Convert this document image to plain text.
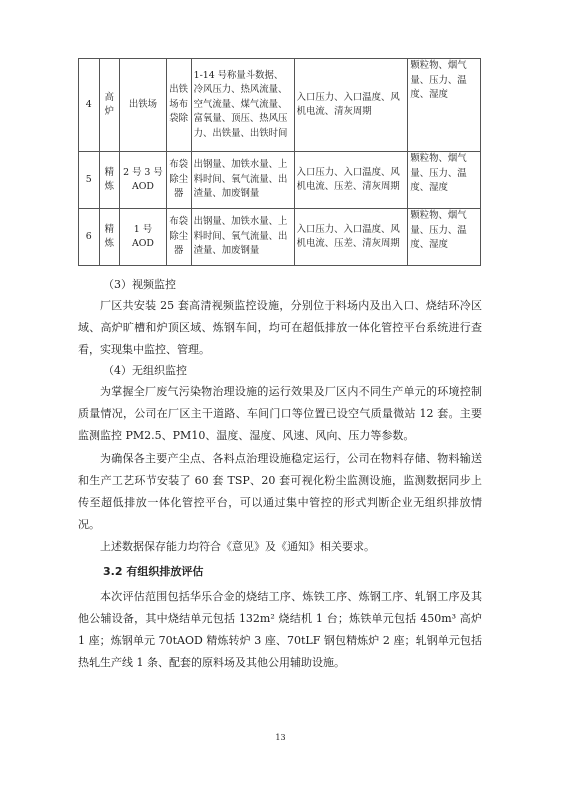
4	高炉	出铁场	出铁场布袋除	1-14 号称量斗数据、冷风压力、热风流量、空气流量、煤气流量、富氧量、顶压、热风压力、出铁量、出铁时间	入口压力、入口温度、风机电流、清灰周期	颗粒物、烟气量、压力、温度、湿度
5	精炼	2 号 3 号 AOD	布袋除尘器	出钢量、加铁水量、上料时间、氧气流量、出渣量、加废钢量	入口压力、入口温度、风机电流、压差、清灰周期	颗粒物、烟气量、压力、温度、湿度
6	精炼	1 号 AOD	布袋除尘器	出钢量、加铁水量、上料时间、氧气流量、出渣量、加废钢量	入口压力、入口温度、风机电流、压差、清灰周期	颗粒物、烟气量、压力、温度、湿度
（3）视频监控
厂区共安装 25 套高清视频监控设施，分别位于料场内及出入口、烧结环冷区域、高炉旷槽和炉顶区域、炼钢车间，均可在超低排放一体化管控平台系统进行查看，实现集中监控、管理。
（4）无组织监控
为掌握全厂废气污染物治理设施的运行效果及厂区内不同生产单元的环境控制质量情况，公司在厂区主干道路、车间门口等位置已设空气质量微站 12 套。主要监测监控 PM2.5、PM10、温度、湿度、风速、风向、压力等参数。
为确保各主要产尘点、各料点治理设施稳定运行，公司在物料存储、物料输送和生产工艺环节安装了 60 套 TSP、20 套可视化粉尘监测设施，监测数据同步上传至超低排放一体化管控平台，可以通过集中管控的形式判断企业无组织排放情况。
上述数据保存能力均符合《意见》及《通知》相关要求。
3.2 有组织排放评估
本次评估范围包括华乐合金的烧结工序、炼铁工序、炼钢工序、轧钢工序及其他公辅设备，其中烧结单元包括 132m² 烧结机 1 台；炼铁单元包括 450m³ 高炉 1 座；炼钢单元 70tAOD 精炼转炉 3 座、70tLF 钢包精炼炉 2 座；轧钢单元包括热轧生产线 1 条、配套的原料场及其他公用辅助设施。
13
